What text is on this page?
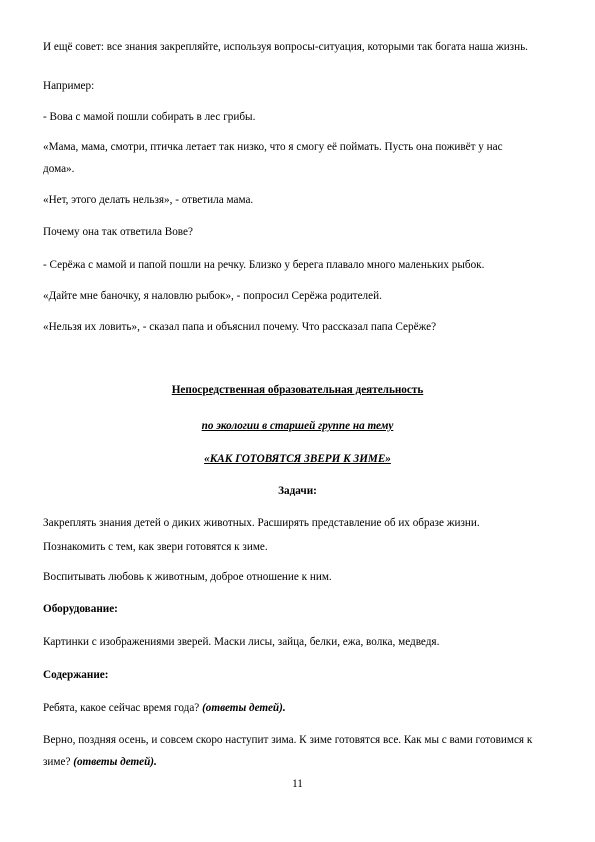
И ещё совет: все знания закрепляйте, используя вопросы-ситуация, которыми так богата наша жизнь.
Например:
- Вова с мамой пошли собирать в лес грибы.
«Мама, мама, смотри, птичка летает так низко, что я смогу её поймать. Пусть она поживёт у нас
дома».
«Нет, этого делать нельзя», - ответила мама.
Почему она так ответила Вове?
- Серёжа с мамой и папой пошли на речку. Близко у берега плавало много маленьких рыбок.
«Дайте мне баночку, я наловлю рыбок», - попросил Серёжа родителей.
«Нельзя их ловить», - сказал папа и объяснил почему. Что рассказал папа Серёже?
Непосредственная образовательная деятельность
по экологии в старшей группе на тему
«КАК ГОТОВЯТСЯ ЗВЕРИ К ЗИМЕ»
Задачи:
Закреплять знания детей о диких животных. Расширять представление об их образе жизни.
Познакомить с тем, как звери готовятся к зиме.
Воспитывать любовь к животным, доброе отношение к ним.
Оборудование:
Картинки с изображениями зверей. Маски лисы, зайца, белки, ежа, волка, медведя.
Содержание:
Ребята, какое сейчас время года? (ответы детей).
Верно, поздняя осень, и совсем скоро наступит зима. К зиме готовятся все. Как мы с вами готовимся к
зиме? (ответы детей).
11
